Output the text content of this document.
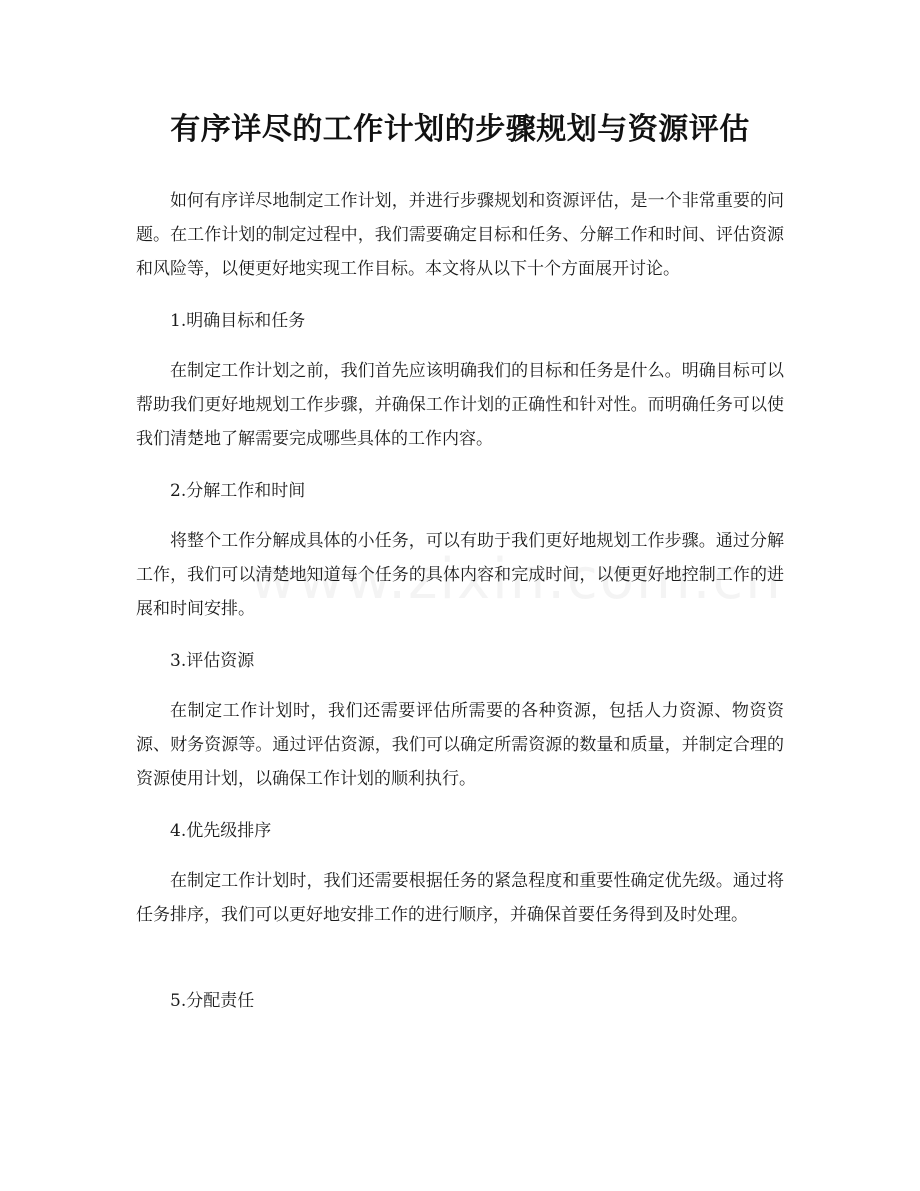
有序详尽的工作计划的步骤规划与资源评估
如何有序详尽地制定工作计划，并进行步骤规划和资源评估，是一个非常重要的问题。在工作计划的制定过程中，我们需要确定目标和任务、分解工作和时间、评估资源和风险等，以便更好地实现工作目标。本文将从以下十个方面展开讨论。
1.明确目标和任务
在制定工作计划之前，我们首先应该明确我们的目标和任务是什么。明确目标可以帮助我们更好地规划工作步骤，并确保工作计划的正确性和针对性。而明确任务可以使我们清楚地了解需要完成哪些具体的工作内容。
2.分解工作和时间
将整个工作分解成具体的小任务，可以有助于我们更好地规划工作步骤。通过分解工作，我们可以清楚地知道每个任务的具体内容和完成时间，以便更好地控制工作的进展和时间安排。
3.评估资源
在制定工作计划时，我们还需要评估所需要的各种资源，包括人力资源、物资资源、财务资源等。通过评估资源，我们可以确定所需资源的数量和质量，并制定合理的资源使用计划，以确保工作计划的顺利执行。
4.优先级排序
在制定工作计划时，我们还需要根据任务的紧急程度和重要性确定优先级。通过将任务排序，我们可以更好地安排工作的进行顺序，并确保首要任务得到及时处理。
5.分配责任
